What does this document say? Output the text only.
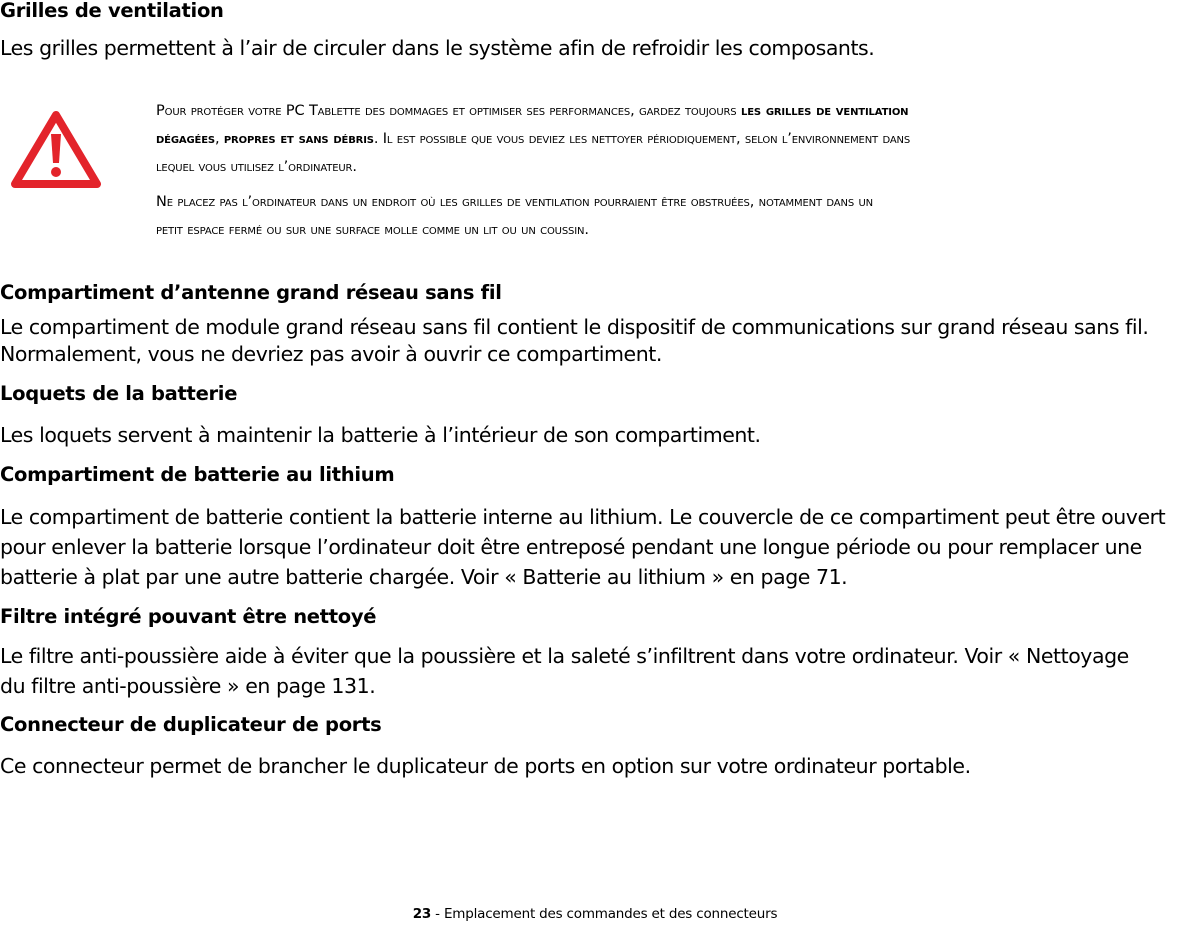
Grilles de ventilation
Les grilles permettent à l’air de circuler dans le système afin de refroidir les composants.
Pour protéger votre PC Tablette des dommages et optimiser ses performances, gardez toujours les grilles de ventilation
dégagées, propres et sans débris. Il est possible que vous deviez les nettoyer périodiquement, selon l’environnement dans
lequel vous utilisez l’ordinateur.
Ne placez pas l’ordinateur dans un endroit où les grilles de ventilation pourraient être obstruées, notamment dans un
petit espace fermé ou sur une surface molle comme un lit ou un coussin.
Compartiment d’antenne grand réseau sans fil
Le compartiment de module grand réseau sans fil contient le dispositif de communications sur grand réseau sans fil.
Normalement, vous ne devriez pas avoir à ouvrir ce compartiment.
Loquets de la batterie
Les loquets servent à maintenir la batterie à l’intérieur de son compartiment.
Compartiment de batterie au lithium
Le compartiment de batterie contient la batterie interne au lithium. Le couvercle de ce compartiment peut être ouvert
pour enlever la batterie lorsque l’ordinateur doit être entreposé pendant une longue période ou pour remplacer une
batterie à plat par une autre batterie chargée. Voir « Batterie au lithium » en page 71.
Filtre intégré pouvant être nettoyé
Le filtre anti-poussière aide à éviter que la poussière et la saleté s’infiltrent dans votre ordinateur. Voir « Nettoyage
du filtre anti-poussière » en page 131.
Connecteur de duplicateur de ports
Ce connecteur permet de brancher le duplicateur de ports en option sur votre ordinateur portable.
23 - Emplacement des commandes et des connecteurs
